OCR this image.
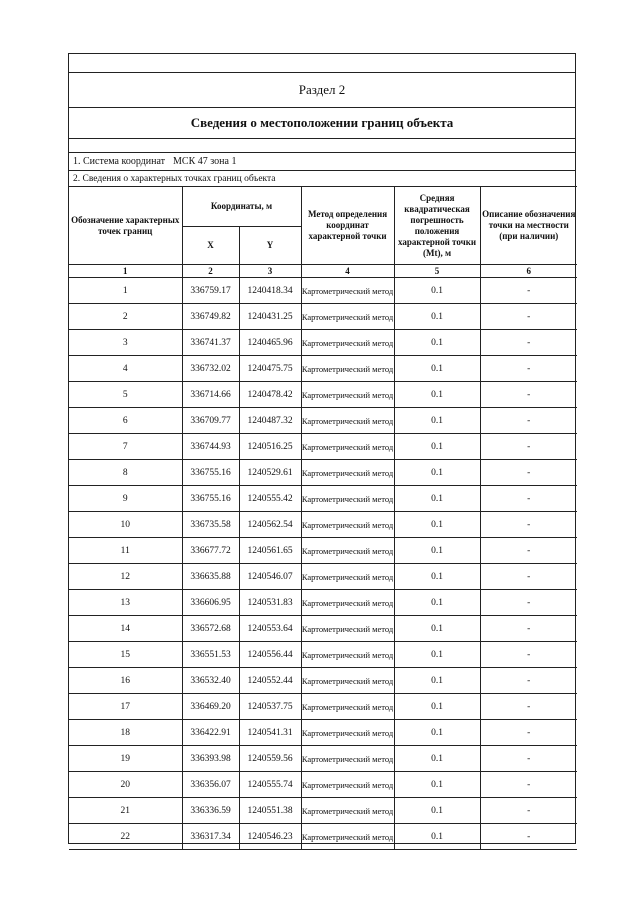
Раздел 2
Сведения о местоположении границ объекта
1. Система координат МСК 47 зона 1
2. Сведения о характерных точках границ объекта
Обозначение характерных точек границ	Координаты, м		Метод определения координат характерной точки	Средняя квадратическая погрешность положения характерной точки (Mt), м	Описание обозначения точки на местности (при наличии)
	X	Y			
1	2	3	4	5	6
1	336759.17	1240418.34	Картометрический метод	0.1	-
2	336749.82	1240431.25	Картометрический метод	0.1	-
3	336741.37	1240465.96	Картометрический метод	0.1	-
4	336732.02	1240475.75	Картометрический метод	0.1	-
5	336714.66	1240478.42	Картометрический метод	0.1	-
6	336709.77	1240487.32	Картометрический метод	0.1	-
7	336744.93	1240516.25	Картометрический метод	0.1	-
8	336755.16	1240529.61	Картометрический метод	0.1	-
9	336755.16	1240555.42	Картометрический метод	0.1	-
10	336735.58	1240562.54	Картометрический метод	0.1	-
11	336677.72	1240561.65	Картометрический метод	0.1	-
12	336635.88	1240546.07	Картометрический метод	0.1	-
13	336606.95	1240531.83	Картометрический метод	0.1	-
14	336572.68	1240553.64	Картометрический метод	0.1	-
15	336551.53	1240556.44	Картометрический метод	0.1	-
16	336532.40	1240552.44	Картометрический метод	0.1	-
17	336469.20	1240537.75	Картометрический метод	0.1	-
18	336422.91	1240541.31	Картометрический метод	0.1	-
19	336393.98	1240559.56	Картометрический метод	0.1	-
20	336356.07	1240555.74	Картометрический метод	0.1	-
21	336336.59	1240551.38	Картометрический метод	0.1	-
22	336317.34	1240546.23	Картометрический метод	0.1	-
